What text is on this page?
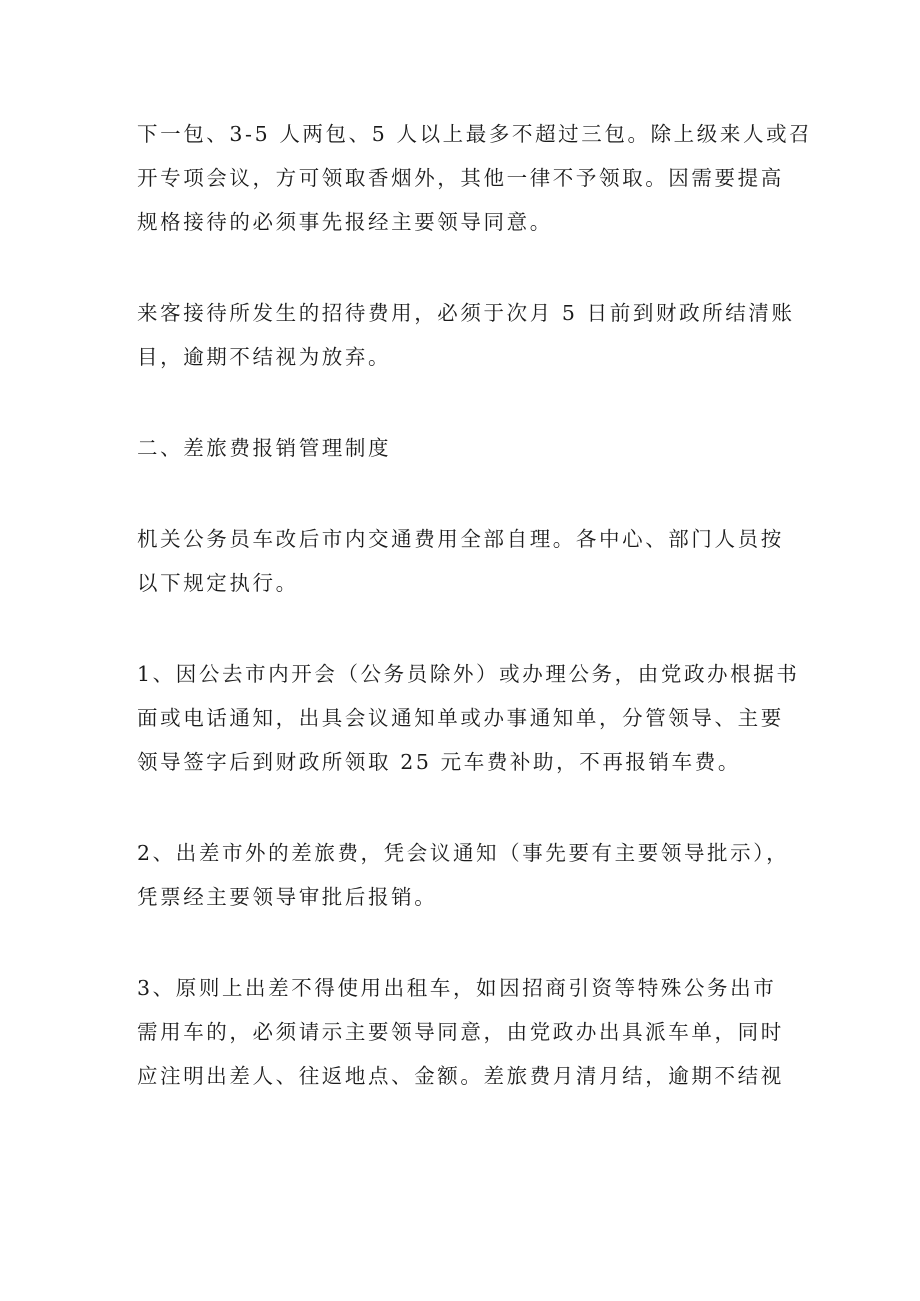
下一包、3-5 人两包、5 人以上最多不超过三包。除上级来人或召
开专项会议，方可领取香烟外，其他一律不予领取。因需要提高
规格接待的必须事先报经主要领导同意。

来客接待所发生的招待费用，必须于次月 5 日前到财政所结清账
目，逾期不结视为放弃。

二、差旅费报销管理制度

机关公务员车改后市内交通费用全部自理。各中心、部门人员按
以下规定执行。

1、因公去市内开会（公务员除外）或办理公务，由党政办根据书
面或电话通知，出具会议通知单或办事通知单，分管领导、主要
领导签字后到财政所领取 25 元车费补助，不再报销车费。

2、出差市外的差旅费，凭会议通知（事先要有主要领导批示），
凭票经主要领导审批后报销。

3、原则上出差不得使用出租车，如因招商引资等特殊公务出市
需用车的，必须请示主要领导同意，由党政办出具派车单，同时
应注明出差人、往返地点、金额。差旅费月清月结，逾期不结视
